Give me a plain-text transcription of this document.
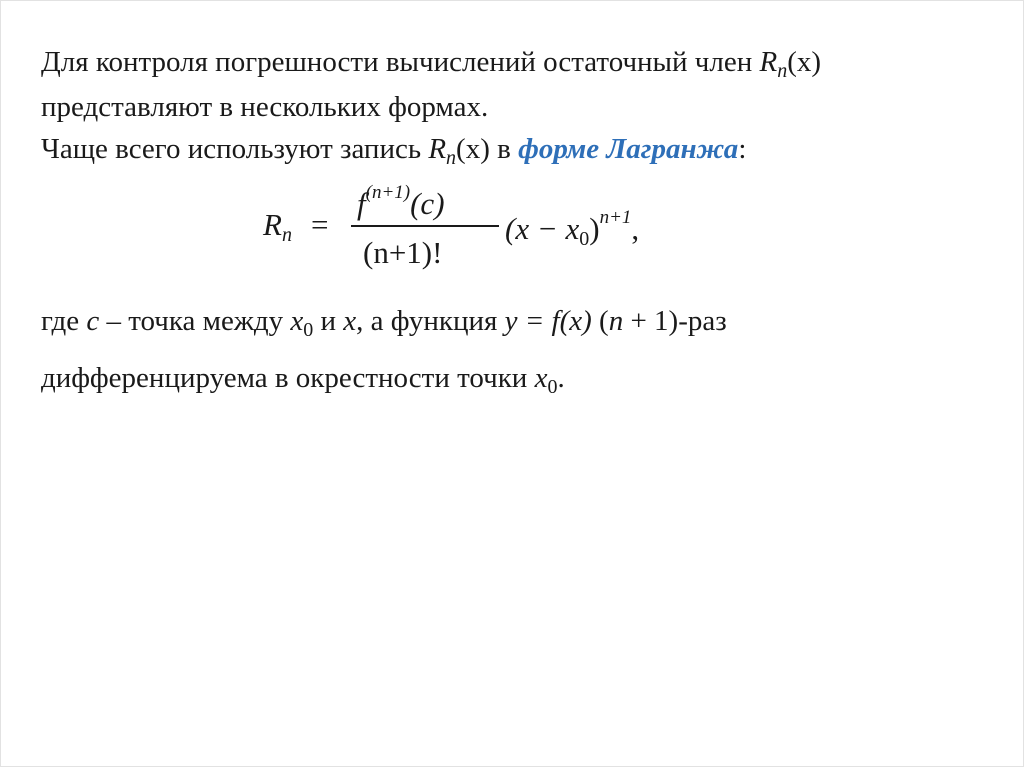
Для контроля погрешности вычислений остаточный член $R_n(x)$
представляют в нескольких формах.
Чаще всего используют запись $R_n(x)$ в форме Лагранжа:
$R_n$ =
$f^{(n+1)}(c)$
(n+1)!
$(x - x_0)^{n+1}$,
где c – точка между $x_0$ и x, а функция y = f(x) (n + 1)-раз
дифференцируема в окрестности точки $x_0$.
